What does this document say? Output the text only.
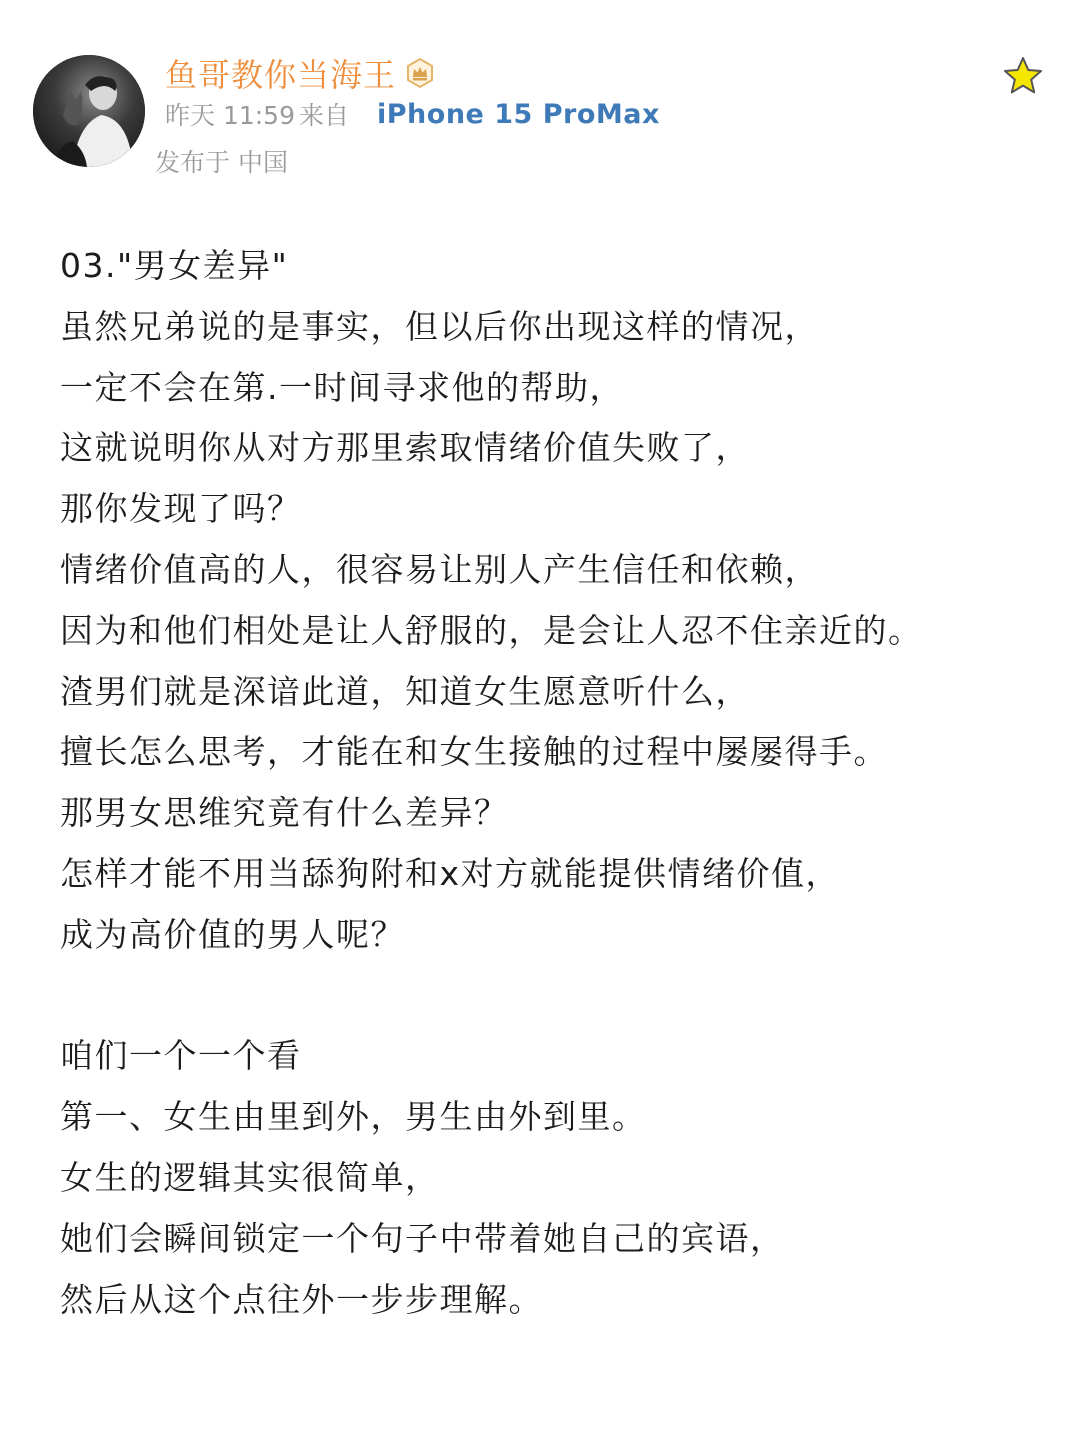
鱼哥教你当海王
昨天 11:59 来自 iPhone 15 ProMax
发布于 中国
03."男女差异"
虽然兄弟说的是事实，但以后你出现这样的情况，
一定不会在第.一时间寻求他的帮助，
这就说明你从对方那里索取情绪价值失败了，
那你发现了吗？
情绪价值高的人，很容易让别人产生信任和依赖，
因为和他们相处是让人舒服的，是会让人忍不住亲近的。
渣男们就是深谙此道，知道女生愿意听什么，
擅长怎么思考，才能在和女生接触的过程中屡屡得手。
那男女思维究竟有什么差异？
怎样才能不用当舔狗附和x对方就能提供情绪价值，
成为高价值的男人呢？
咱们一个一个看
第一、女生由里到外，男生由外到里。
女生的逻辑其实很简单，
她们会瞬间锁定一个句子中带着她自己的宾语，
然后从这个点往外一步步理解。
